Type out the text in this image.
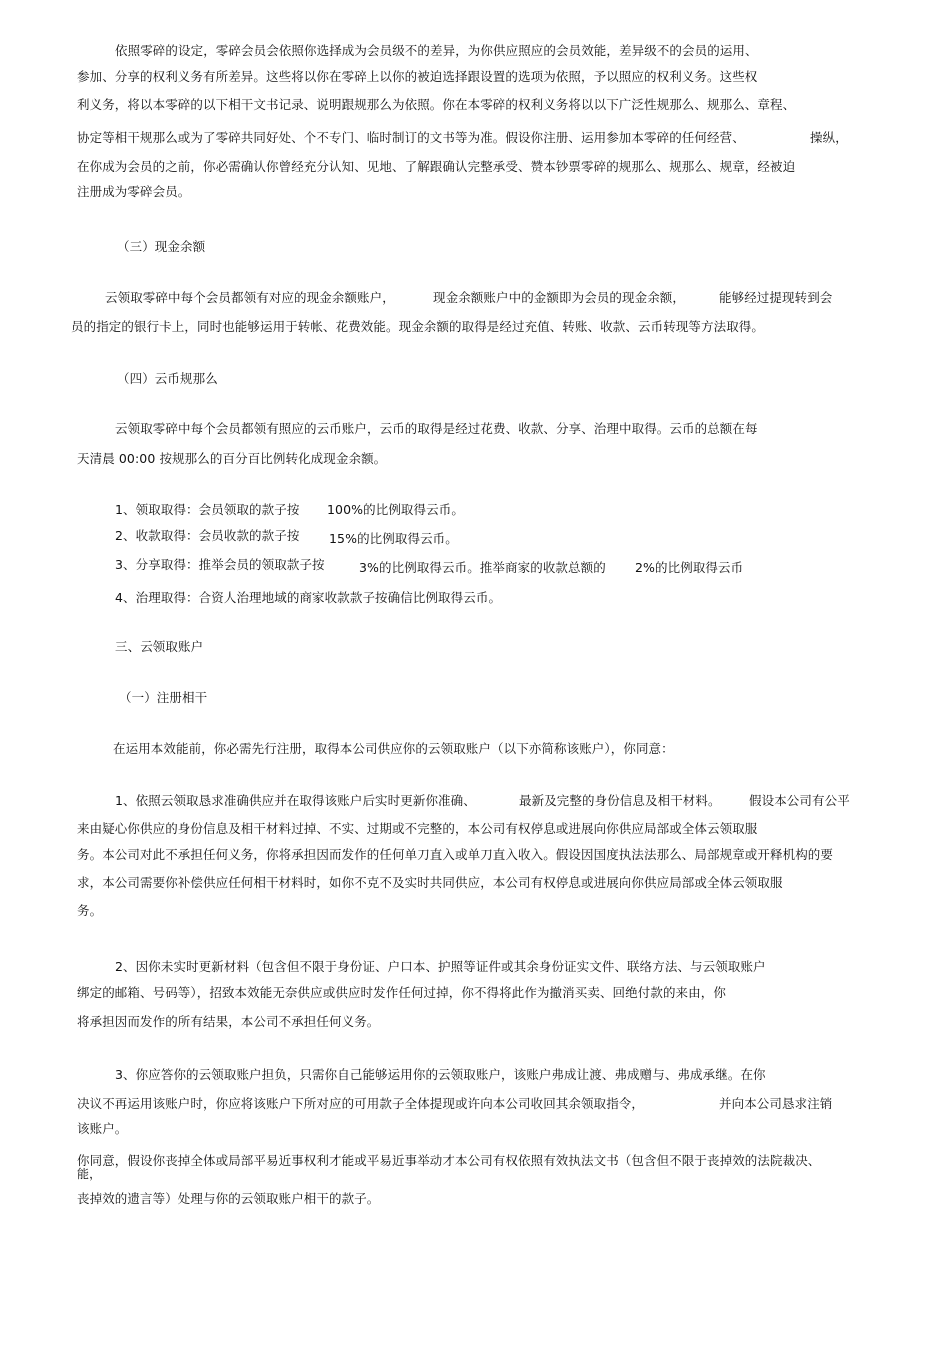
依照零碎的设定，零碎会员会依照你选择成为会员级不的差异，为你供应照应的会员效能，差异级不的会员的运用、
参加、分享的权利义务有所差异。这些将以你在零碎上以你的被迫选择跟设置的选项为依照，予以照应的权利义务。这些权
利义务，将以本零碎的以下相干文书记录、说明跟规那么为依照。你在本零碎的权利义务将以以下广泛性规那么、规那么、章程、
协定等相干规那么或为了零碎共同好处、个不专门、临时制订的文书等为准。假设你注册、运用参加本零碎的任何经营、	操纵，
在你成为会员的之前，你必需确认你曾经充分认知、见地、了解跟确认完整承受、赞本钞票零碎的规那么、规那么、规章，经被迫
注册成为零碎会员。
（三）现金余额
云领取零碎中每个会员都领有对应的现金余额账户，	现金余额账户中的金额即为会员的现金余额，	能够经过提现转到会
员的指定的银行卡上，同时也能够运用于转帐、花费效能。现金余额的取得是经过充值、转账、收款、云币转现等方法取得。
（四）云币规那么
云领取零碎中每个会员都领有照应的云币账户，云币的取得是经过花费、收款、分享、治理中取得。云币的总额在每
天清晨 00:00 按规那么的百分百比例转化成现金余额。
1、领取取得：会员领取的款子按 100%的比例取得云币。
2、收款取得：会员收款的款子按 15%的比例取得云币。
3、分享取得：推举会员的领取款子按	3%的比例取得云币。推举商家的收款总额的 2%的比例取得云币
4、治理取得：合资人治理地域的商家收款款子按确信比例取得云币。
三、云领取账户
（一）注册相干
在运用本效能前，你必需先行注册，取得本公司供应你的云领取账户（以下亦简称该账户），你同意：
1、依照云领取恳求准确供应并在取得该账户后实时更新你准确、	最新及完整的身份信息及相干材料。 假设本公司有公平
来由疑心你供应的身份信息及相干材料过掉、不实、过期或不完整的，本公司有权停息或进展向你供应局部或全体云领取服
务。本公司对此不承担任何义务，你将承担因而发作的任何单刀直入或单刀直入收入。假设因国度执法法那么、局部规章或开释机构的要
求，本公司需要你补偿供应任何相干材料时，如你不克不及实时共同供应，本公司有权停息或进展向你供应局部或全体云领取服
务。
2、因你未实时更新材料（包含但不限于身份证、户口本、护照等证件或其余身份证实文件、联络方法、与云领取账户
绑定的邮箱、号码等），招致本效能无奈供应或供应时发作任何过掉，你不得将此作为撤消买卖、回绝付款的来由，你
将承担因而发作的所有结果，本公司不承担任何义务。
3、你应答你的云领取账户担负，只需你自己能够运用你的云领取账户，该账户弗成让渡、弗成赠与、弗成承继。在你
决议不再运用该账户时，你应将该账户下所对应的可用款子全体提现或许向本公司收回其余领取指令，	并向本公司恳求注销
该账户。
你同意，假设你丧掉全体或局部平易近事权利才能或平易近事举动才 本公司有权依照有效执法文书（包含但不限于丧掉效的法院裁决、
能，
丧掉效的遗言等）处理与你的云领取账户相干的款子。
